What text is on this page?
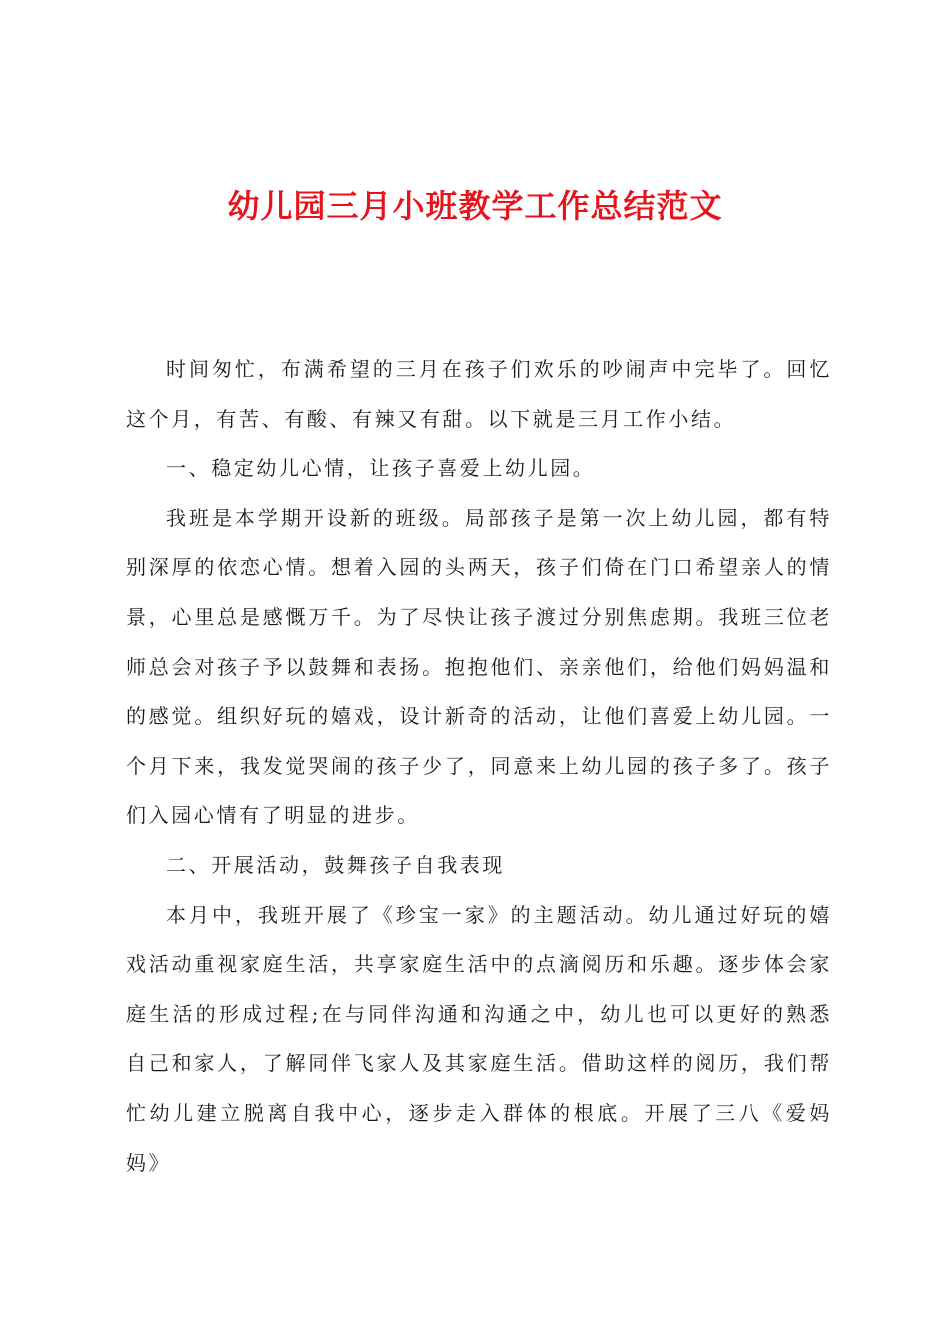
幼儿园三月小班教学工作总结范文

时间匆忙，布满希望的三月在孩子们欢乐的吵闹声中完毕了。回忆这个月，有苦、有酸、有辣又有甜。以下就是三月工作小结。

一、稳定幼儿心情，让孩子喜爱上幼儿园。

我班是本学期开设新的班级。局部孩子是第一次上幼儿园，都有特别深厚的依恋心情。想着入园的头两天，孩子们倚在门口希望亲人的情景，心里总是感慨万千。为了尽快让孩子渡过分别焦虑期。我班三位老师总会对孩子予以鼓舞和表扬。抱抱他们、亲亲他们，给他们妈妈温和的感觉。组织好玩的嬉戏，设计新奇的活动，让他们喜爱上幼儿园。一个月下来，我发觉哭闹的孩子少了，同意来上幼儿园的孩子多了。孩子们入园心情有了明显的进步。

二、开展活动，鼓舞孩子自我表现

本月中，我班开展了《珍宝一家》的主题活动。幼儿通过好玩的嬉戏活动重视家庭生活，共享家庭生活中的点滴阅历和乐趣。逐步体会家庭生活的形成过程;在与同伴沟通和沟通之中，幼儿也可以更好的熟悉自己和家人，了解同伴飞家人及其家庭生活。借助这样的阅历，我们帮忙幼儿建立脱离自我中心，逐步走入群体的根底。开展了三八《爱妈妈》
